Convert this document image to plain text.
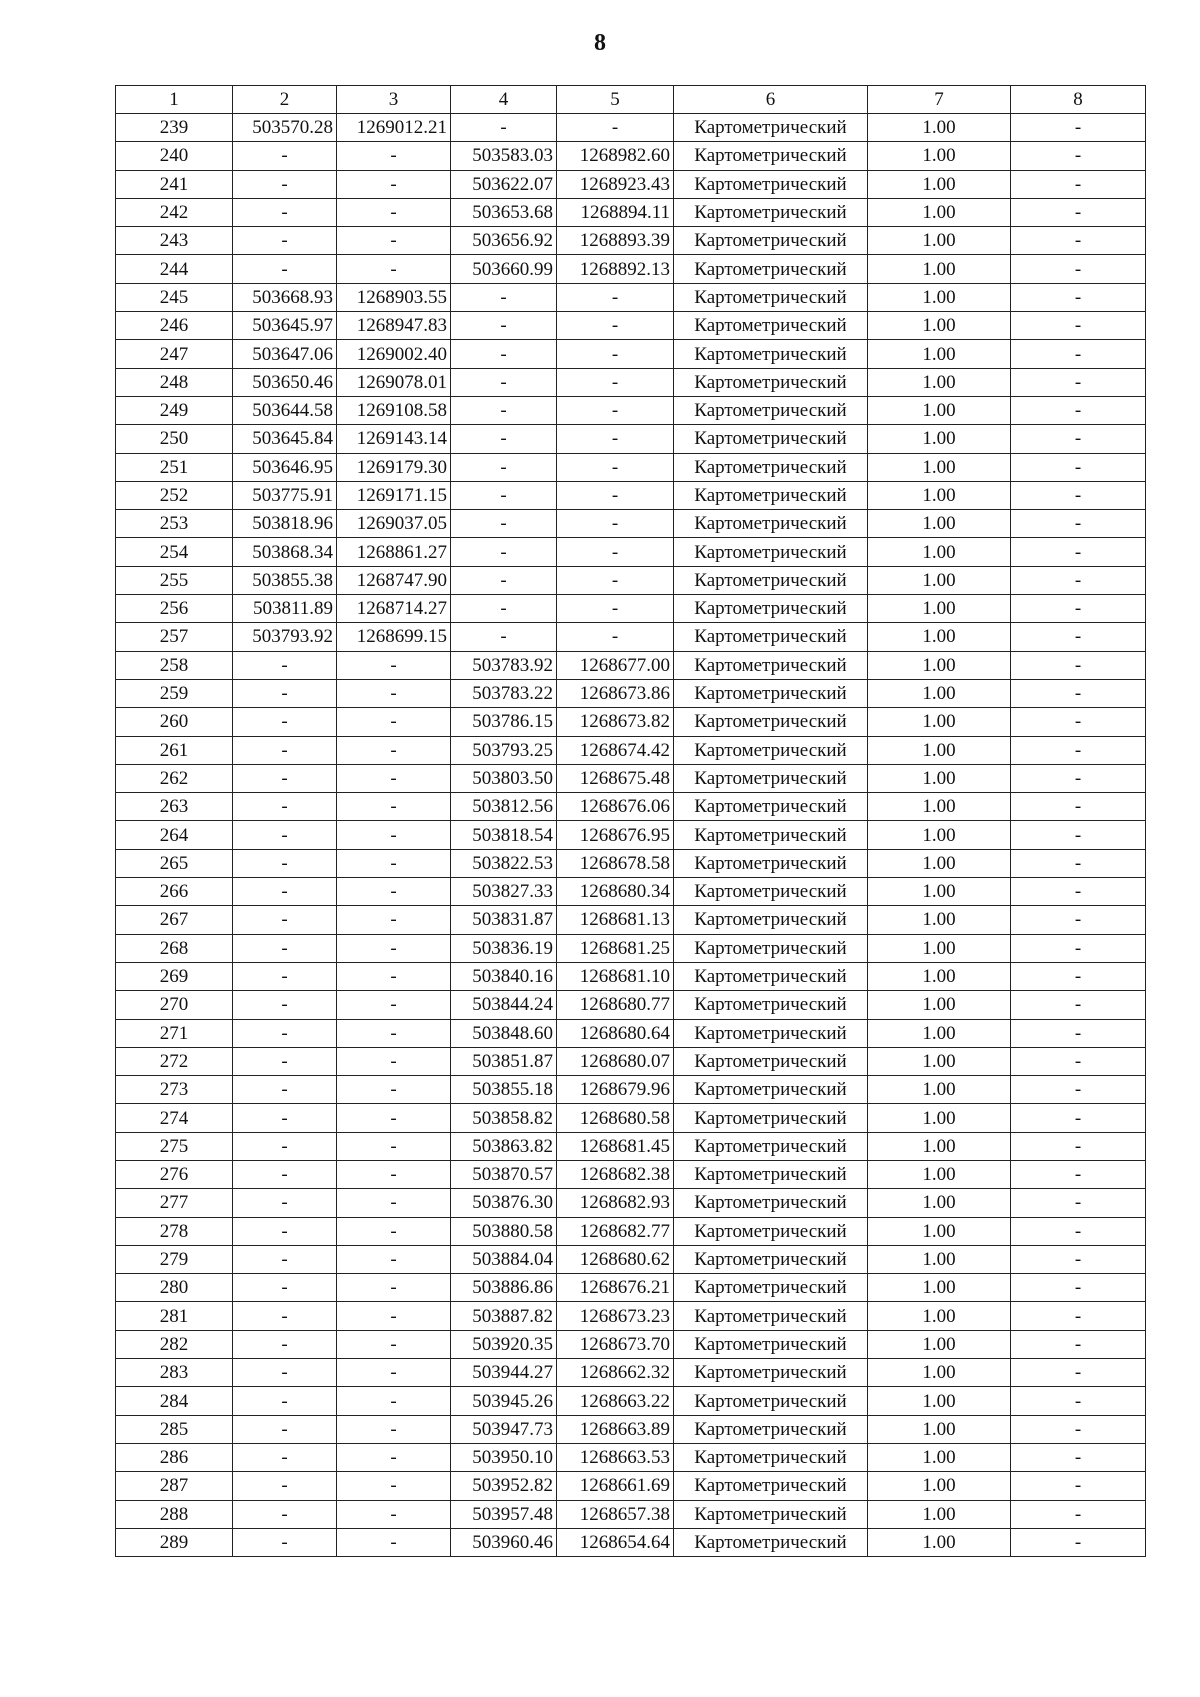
8
1	2	3	4	5	6	7	8
239	503570.28	1269012.21	-	-	Картометрический	1.00	-
240	-	-	503583.03	1268982.60	Картометрический	1.00	-
241	-	-	503622.07	1268923.43	Картометрический	1.00	-
242	-	-	503653.68	1268894.11	Картометрический	1.00	-
243	-	-	503656.92	1268893.39	Картометрический	1.00	-
244	-	-	503660.99	1268892.13	Картометрический	1.00	-
245	503668.93	1268903.55	-	-	Картометрический	1.00	-
246	503645.97	1268947.83	-	-	Картометрический	1.00	-
247	503647.06	1269002.40	-	-	Картометрический	1.00	-
248	503650.46	1269078.01	-	-	Картометрический	1.00	-
249	503644.58	1269108.58	-	-	Картометрический	1.00	-
250	503645.84	1269143.14	-	-	Картометрический	1.00	-
251	503646.95	1269179.30	-	-	Картометрический	1.00	-
252	503775.91	1269171.15	-	-	Картометрический	1.00	-
253	503818.96	1269037.05	-	-	Картометрический	1.00	-
254	503868.34	1268861.27	-	-	Картометрический	1.00	-
255	503855.38	1268747.90	-	-	Картометрический	1.00	-
256	503811.89	1268714.27	-	-	Картометрический	1.00	-
257	503793.92	1268699.15	-	-	Картометрический	1.00	-
258	-	-	503783.92	1268677.00	Картометрический	1.00	-
259	-	-	503783.22	1268673.86	Картометрический	1.00	-
260	-	-	503786.15	1268673.82	Картометрический	1.00	-
261	-	-	503793.25	1268674.42	Картометрический	1.00	-
262	-	-	503803.50	1268675.48	Картометрический	1.00	-
263	-	-	503812.56	1268676.06	Картометрический	1.00	-
264	-	-	503818.54	1268676.95	Картометрический	1.00	-
265	-	-	503822.53	1268678.58	Картометрический	1.00	-
266	-	-	503827.33	1268680.34	Картометрический	1.00	-
267	-	-	503831.87	1268681.13	Картометрический	1.00	-
268	-	-	503836.19	1268681.25	Картометрический	1.00	-
269	-	-	503840.16	1268681.10	Картометрический	1.00	-
270	-	-	503844.24	1268680.77	Картометрический	1.00	-
271	-	-	503848.60	1268680.64	Картометрический	1.00	-
272	-	-	503851.87	1268680.07	Картометрический	1.00	-
273	-	-	503855.18	1268679.96	Картометрический	1.00	-
274	-	-	503858.82	1268680.58	Картометрический	1.00	-
275	-	-	503863.82	1268681.45	Картометрический	1.00	-
276	-	-	503870.57	1268682.38	Картометрический	1.00	-
277	-	-	503876.30	1268682.93	Картометрический	1.00	-
278	-	-	503880.58	1268682.77	Картометрический	1.00	-
279	-	-	503884.04	1268680.62	Картометрический	1.00	-
280	-	-	503886.86	1268676.21	Картометрический	1.00	-
281	-	-	503887.82	1268673.23	Картометрический	1.00	-
282	-	-	503920.35	1268673.70	Картометрический	1.00	-
283	-	-	503944.27	1268662.32	Картометрический	1.00	-
284	-	-	503945.26	1268663.22	Картометрический	1.00	-
285	-	-	503947.73	1268663.89	Картометрический	1.00	-
286	-	-	503950.10	1268663.53	Картометрический	1.00	-
287	-	-	503952.82	1268661.69	Картометрический	1.00	-
288	-	-	503957.48	1268657.38	Картометрический	1.00	-
289	-	-	503960.46	1268654.64	Картометрический	1.00	-
